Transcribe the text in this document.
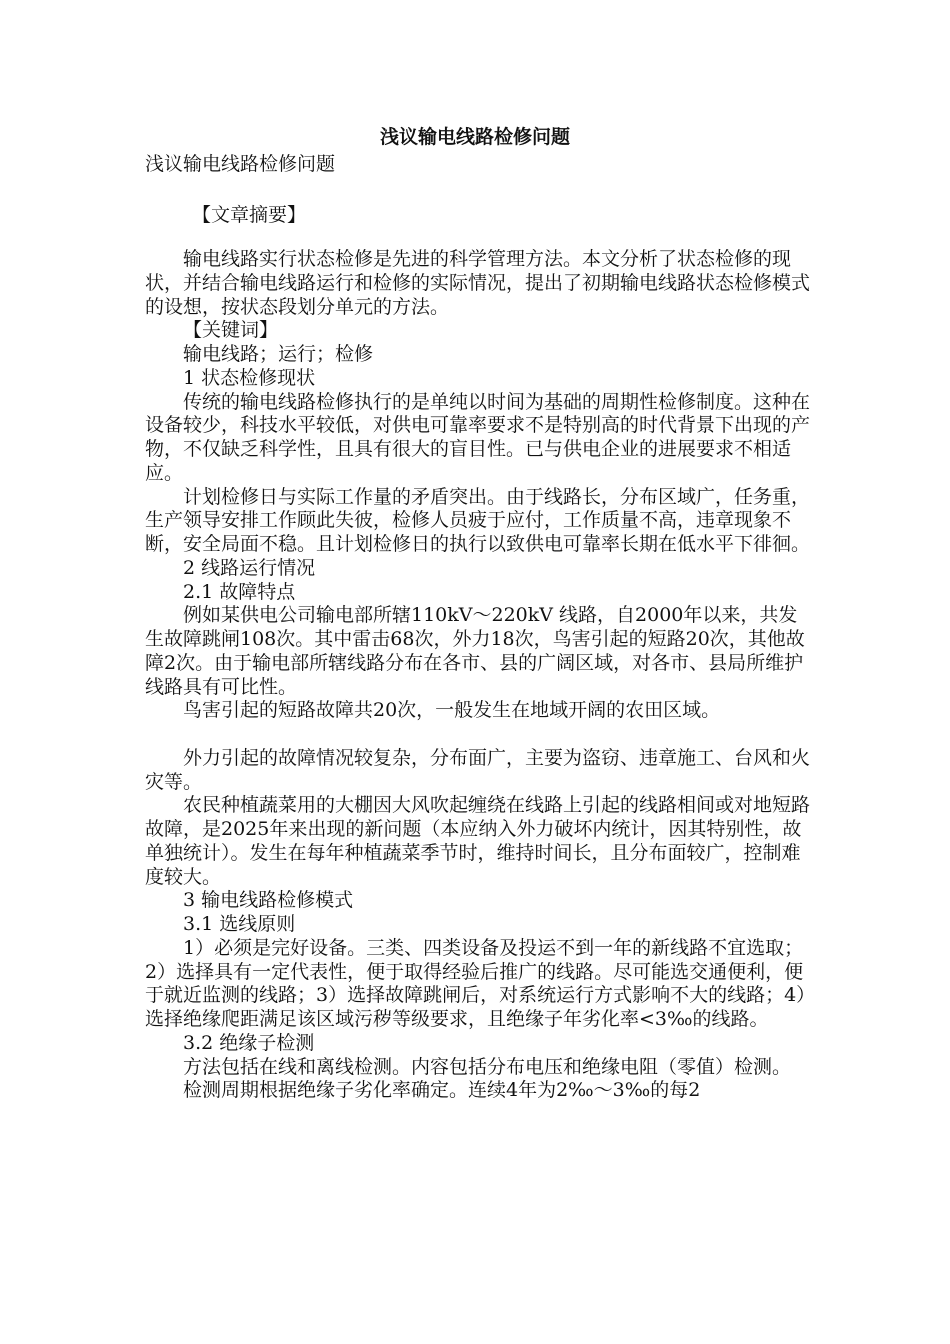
浅议输电线路检修问题
浅议输电线路检修问题
【文章摘要】

输电线路实行状态检修是先进的科学管理方法。本文分析了状态检修的现状，并结合输电线路运行和检修的实际情况，提出了初期输电线路状态检修模式的设想，按状态段划分单元的方法。

【关键词】

输电线路；运行；检修

1 状态检修现状

传统的输电线路检修执行的是单纯以时间为基础的周期性检修制度。这种在设备较少，科技水平较低，对供电可靠率要求不是特别高的时代背景下出现的产物，不仅缺乏科学性，且具有很大的盲目性。已与供电企业的进展要求不相适应。

计划检修日与实际工作量的矛盾突出。由于线路长，分布区域广，任务重，生产领导安排工作顾此失彼，检修人员疲于应付，工作质量不高，违章现象不断，安全局面不稳。且计划检修日的执行以致供电可靠率长期在低水平下徘徊。

2 线路运行情况

2.1 故障特点

例如某供电公司输电部所辖110kV～220kV 线路，自2000年以来，共发生故障跳闸108次。其中雷击68次，外力18次，鸟害引起的短路20次，其他故障2次。由于输电部所辖线路分布在各市、县的广阔区域，对各市、县局所维护线路具有可比性。

鸟害引起的短路故障共20次，一般发生在地域开阔的农田区域。

外力引起的故障情况较复杂，分布面广，主要为盗窃、违章施工、台风和火灾等。

农民种植蔬菜用的大棚因大风吹起缠绕在线路上引起的线路相间或对地短路故障，是2025年来出现的新问题（本应纳入外力破坏内统计，因其特别性，故单独统计）。发生在每年种植蔬菜季节时，维持时间长，且分布面较广，控制难度较大。

3 输电线路检修模式

3.1 选线原则

1）必须是完好设备。三类、四类设备及投运不到一年的新线路不宜选取；2）选择具有一定代表性，便于取得经验后推广的线路。尽可能选交通便利，便于就近监测的线路；3）选择故障跳闸后，对系统运行方式影响不大的线路；4）选择绝缘爬距满足该区域污秽等级要求，且绝缘子年劣化率<3‰的线路。

3.2 绝缘子检测

方法包括在线和离线检测。内容包括分布电压和绝缘电阻（零值）检测。

检测周期根据绝缘子劣化率确定。连续4年为2‰～3‰的每2
